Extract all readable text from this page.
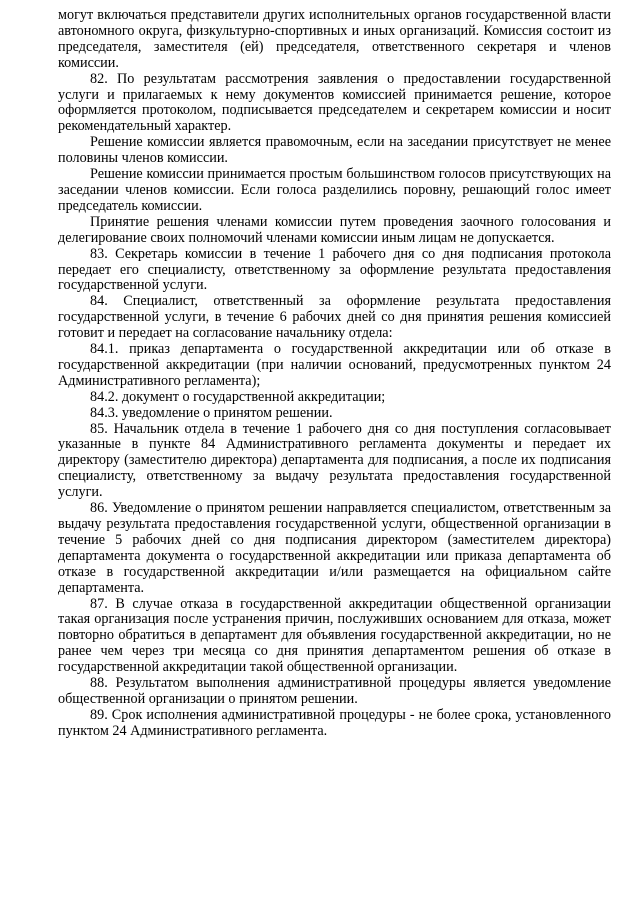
могут включаться представители других исполнительных органов государственной власти автономного округа, физкультурно-спортивных и иных организаций. Комиссия состоит из председателя, заместителя (ей) председателя, ответственного секретаря и членов комиссии.

82. По результатам рассмотрения заявления о предоставлении государственной услуги и прилагаемых к нему документов комиссией принимается решение, которое оформляется протоколом, подписывается председателем и секретарем комиссии и носит рекомендательный характер.

Решение комиссии является правомочным, если на заседании присутствует не менее половины членов комиссии.

Решение комиссии принимается простым большинством голосов присутствующих на заседании членов комиссии. Если голоса разделились поровну, решающий голос имеет председатель комиссии.

Принятие решения членами комиссии путем проведения заочного голосования и делегирование своих полномочий членами комиссии иным лицам не допускается.

83. Секретарь комиссии в течение 1 рабочего дня со дня подписания протокола передает его специалисту, ответственному за оформление результата предоставления государственной услуги.

84. Специалист, ответственный за оформление результата предоставления государственной услуги, в течение 6 рабочих дней со дня принятия решения комиссией готовит и передает на согласование начальнику отдела:

84.1. приказ департамента о государственной аккредитации или об отказе в государственной аккредитации (при наличии оснований, предусмотренных пунктом 24 Административного регламента);

84.2. документ о государственной аккредитации;

84.3. уведомление о принятом решении.

85. Начальник отдела в течение 1 рабочего дня со дня поступления согласовывает указанные в пункте 84 Административного регламента документы и передает их директору (заместителю директора) департамента для подписания, а после их подписания специалисту, ответственному за выдачу результата предоставления государственной услуги.

86. Уведомление о принятом решении направляется специалистом, ответственным за выдачу результата предоставления государственной услуги, общественной организации в течение 5 рабочих дней со дня подписания директором (заместителем директора) департамента документа о государственной аккредитации или приказа департамента об отказе в государственной аккредитации и/или размещается на официальном сайте департамента.

87. В случае отказа в государственной аккредитации общественной организации такая организация после устранения причин, послуживших основанием для отказа, может повторно обратиться в департамент для объявления государственной аккредитации, но не ранее чем через три месяца со дня принятия департаментом решения об отказе в государственной аккредитации такой общественной организации.

88. Результатом выполнения административной процедуры является уведомление общественной организации о принятом решении.

89. Срок исполнения административной процедуры - не более срока, установленного пунктом 24 Административного регламента.
